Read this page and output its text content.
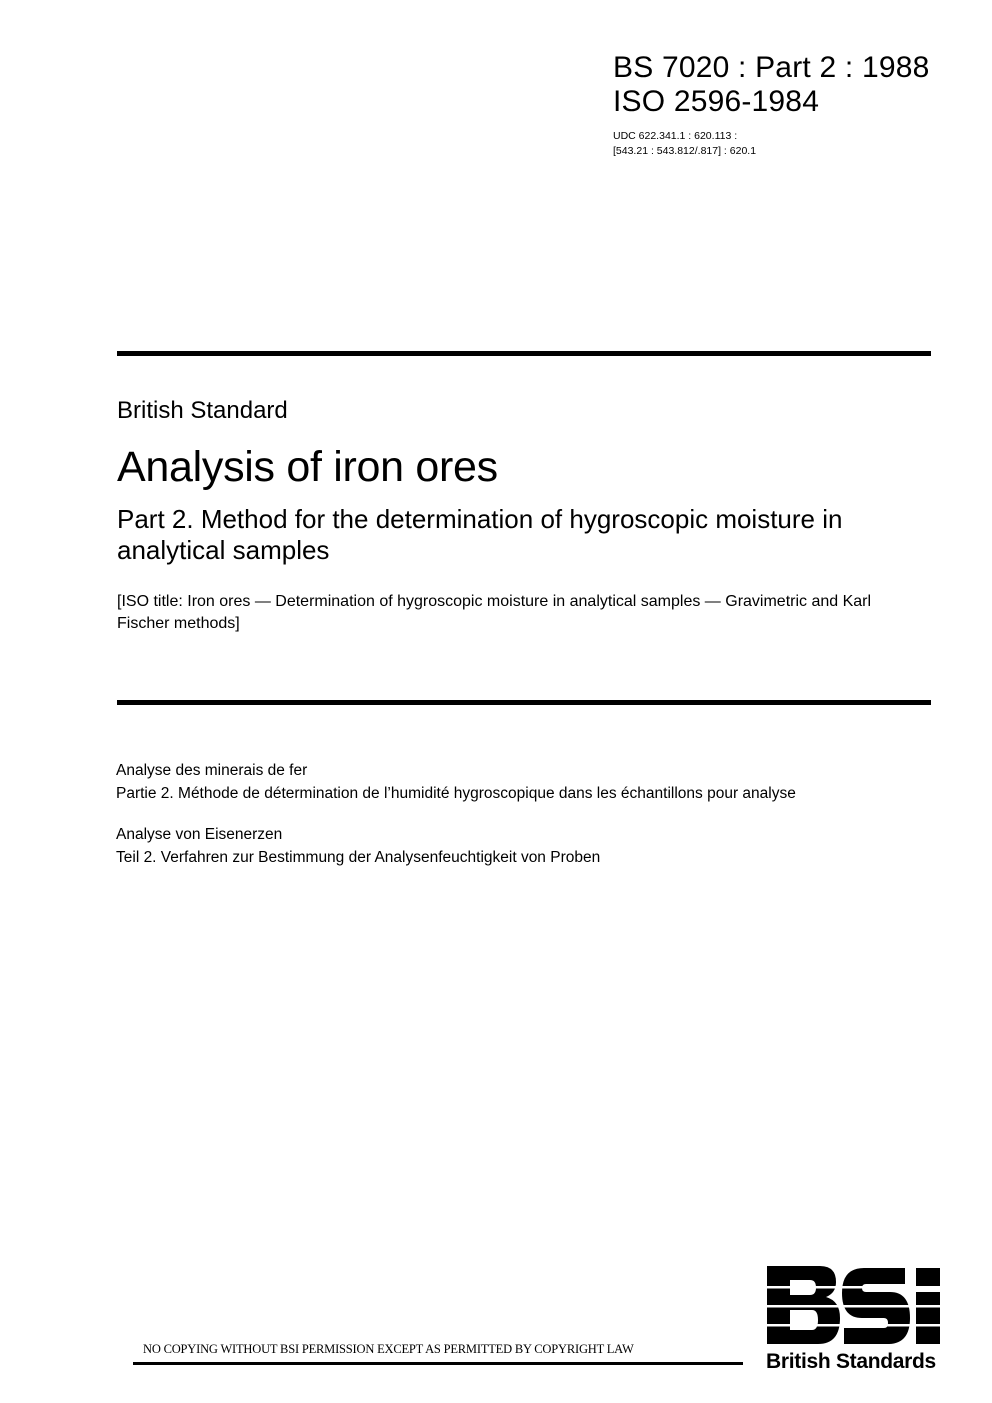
BS 7020 : Part 2 : 1988
ISO 2596-1984
UDC 622.341.1 : 620.113 :
[543.21 : 543.812/.817] : 620.1
British Standard
Analysis of iron ores
Part 2. Method for the determination of hygroscopic moisture in analytical samples
[ISO title: Iron ores — Determination of hygroscopic moisture in analytical samples — Gravimetric and Karl Fischer methods]
Analyse des minerais de fer
Partie 2. Méthode de détermination de l’humidité hygroscopique dans les échantillons pour analyse
Analyse von Eisenerzen
Teil 2. Verfahren zur Bestimmung der Analysenfeuchtigkeit von Proben
NO COPYING WITHOUT BSI PERMISSION EXCEPT AS PERMITTED BY COPYRIGHT LAW
British Standards
